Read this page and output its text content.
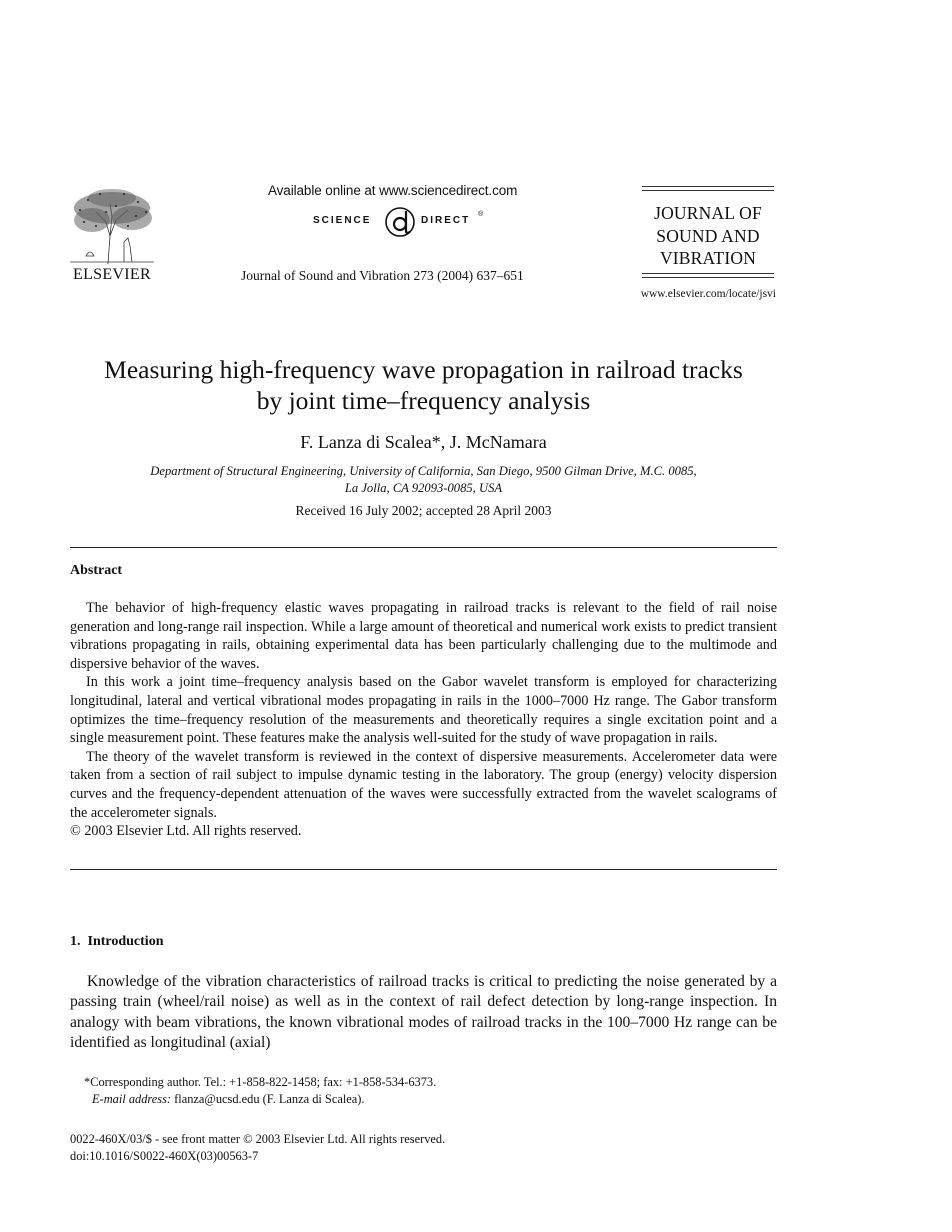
ELSEVIER
Available online at www.sciencedirect.com
SCIENCE	DIRECT
®
Journal of Sound and Vibration 273 (2004) 637–651
JOURNAL OF
SOUND AND
VIBRATION
www.elsevier.com/locate/jsvi
Measuring high-frequency wave propagation in railroad tracks
by joint time–frequency analysis
F. Lanza di Scalea*, J. McNamara
Department of Structural Engineering, University of California, San Diego, 9500 Gilman Drive, M.C. 0085,
La Jolla, CA 92093-0085, USA
Received 16 July 2002; accepted 28 April 2003
Abstract

The behavior of high-frequency elastic waves propagating in railroad tracks is relevant to the field of rail noise generation and long-range rail inspection. While a large amount of theoretical and numerical work exists to predict transient vibrations propagating in rails, obtaining experimental data has been particularly challenging due to the multimode and dispersive behavior of the waves.

In this work a joint time–frequency analysis based on the Gabor wavelet transform is employed for characterizing longitudinal, lateral and vertical vibrational modes propagating in rails in the 1000–7000 Hz range. The Gabor transform optimizes the time–frequency resolution of the measurements and theoretically requires a single excitation point and a single measurement point. These features make the analysis well-suited for the study of wave propagation in rails.

The theory of the wavelet transform is reviewed in the context of dispersive measurements. Accelerometer data were taken from a section of rail subject to impulse dynamic testing in the laboratory. The group (energy) velocity dispersion curves and the frequency-dependent attenuation of the waves were successfully extracted from the wavelet scalograms of the accelerometer signals.

© 2003 Elsevier Ltd. All rights reserved.

1.  Introduction

Knowledge of the vibration characteristics of railroad tracks is critical to predicting the noise generated by a passing train (wheel/rail noise) as well as in the context of rail defect detection by long-range inspection. In analogy with beam vibrations, the known vibrational modes of railroad tracks in the 100–7000 Hz range can be identified as longitudinal (axial)

*Corresponding author. Tel.: +1-858-822-1458; fax: +1-858-534-6373.
E-mail address: flanza@ucsd.edu (F. Lanza di Scalea).
0022-460X/03/$ - see front matter © 2003 Elsevier Ltd. All rights reserved.
doi:10.1016/S0022-460X(03)00563-7
